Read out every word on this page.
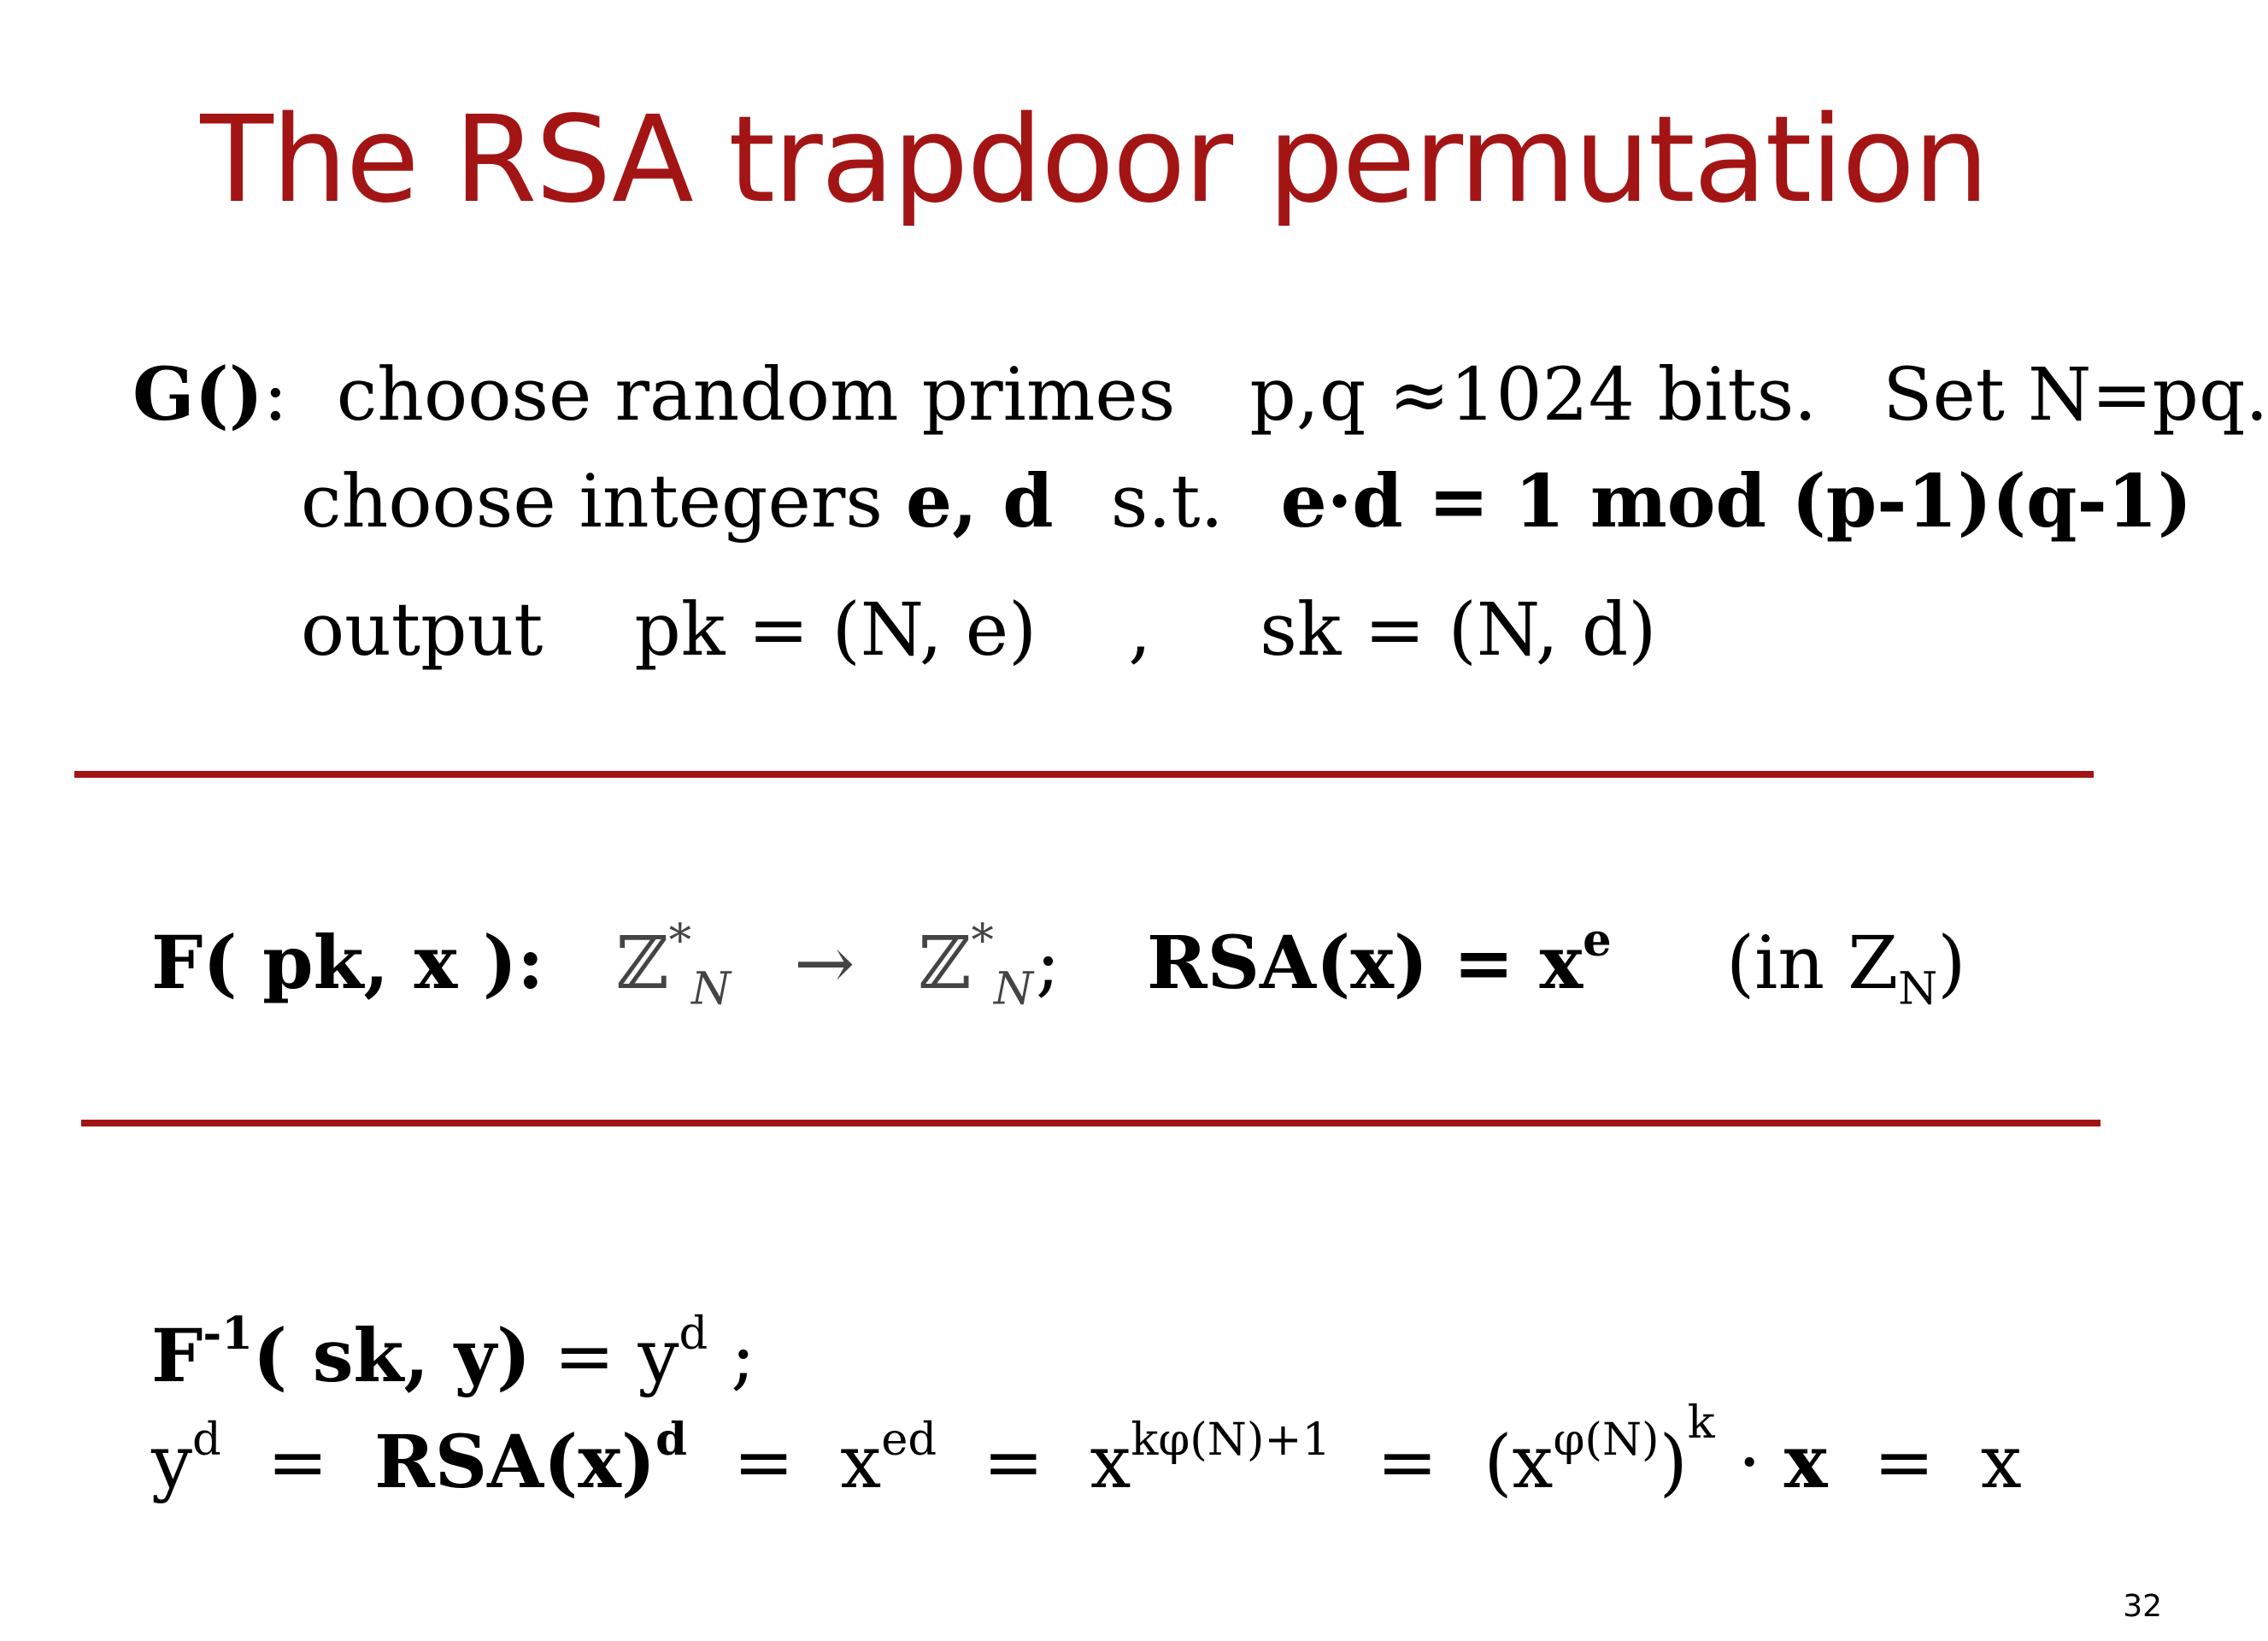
The RSA trapdoor permutation
G(): choose random primes p,q ≈1024 bits. Set N=pq.
choose integers e, d s.t. e·d = 1 mod (p-1)(q-1)
output pk = (N, e) , sk = (N, d)
F( pk, x ): ℤ*$_N$ → ℤ*$_N$ ; $RSA(x) = x^e$ (in $Z_N$)
$F^{-1}$( sk, $y) = y^d$ ;
$y^d = RSA(x)^d = x^{ed} = x^{k\varphi(N)+1} = (x^{\varphi(N)})^k \cdot x = x$
32
